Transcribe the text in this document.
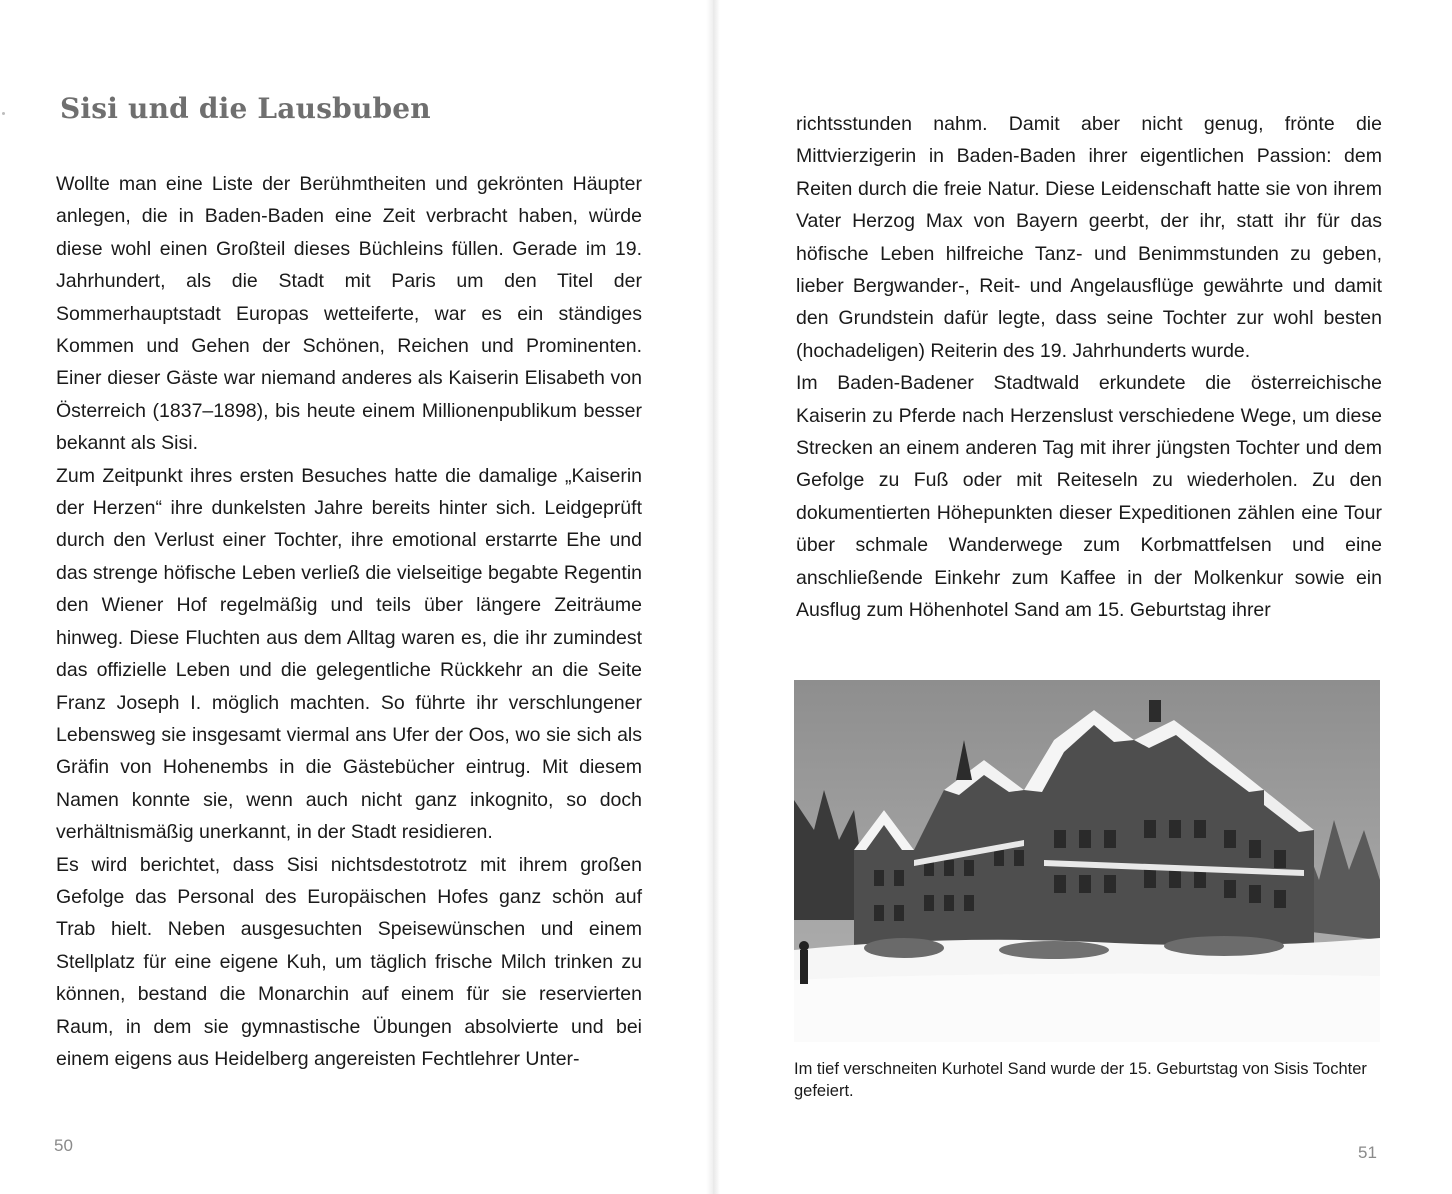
Sisi und die Lausbuben

Wollte man eine Liste der Berühmtheiten und gekrönten Häupter anlegen, die in Baden-Baden eine Zeit verbracht haben, würde diese wohl einen Großteil dieses Büchleins füllen. Gerade im 19. Jahrhundert, als die Stadt mit Paris um den Titel der Sommerhauptstadt Europas wetteiferte, war es ein ständiges Kommen und Gehen der Schönen, Reichen und Prominenten. Einer dieser Gäste war niemand anderes als Kaiserin Elisabeth von Österreich (1837–1898), bis heute einem Millionenpublikum besser bekannt als Sisi.

Zum Zeitpunkt ihres ersten Besuches hatte die damalige „Kaiserin der Herzen“ ihre dunkelsten Jahre bereits hinter sich. Leidgeprüft durch den Verlust einer Tochter, ihre emotional erstarrte Ehe und das strenge höfische Leben verließ die vielseitige begabte Regentin den Wiener Hof regelmäßig und teils über längere Zeiträume hinweg. Diese Fluchten aus dem Alltag waren es, die ihr zumindest das offizielle Leben und die gelegentliche Rückkehr an die Seite Franz Joseph I. möglich machten. So führte ihr verschlungener Lebensweg sie insgesamt viermal ans Ufer der Oos, wo sie sich als Gräfin von Hohenembs in die Gästebücher eintrug. Mit diesem Namen konnte sie, wenn auch nicht ganz inkognito, so doch verhältnismäßig unerkannt, in der Stadt residieren.

Es wird berichtet, dass Sisi nichtsdestotrotz mit ihrem großen Gefolge das Personal des Europäischen Hofes ganz schön auf Trab hielt. Neben ausgesuchten Speisewünschen und einem Stellplatz für eine eigene Kuh, um täglich frische Milch trinken zu können, bestand die Monarchin auf einem für sie reservierten Raum, in dem sie gymnastische Übungen absolvierte und bei einem eigens aus Heidelberg angereisten Fechtlehrer Unter-

50

richtsstunden nahm. Damit aber nicht genug, frönte die Mittvierzigerin in Baden-Baden ihrer eigentlichen Passion: dem Reiten durch die freie Natur. Diese Leidenschaft hatte sie von ihrem Vater Herzog Max von Bayern geerbt, der ihr, statt ihr für das höfische Leben hilfreiche Tanz- und Benimmstunden zu geben, lieber Bergwander-, Reit- und Angelausflüge gewährte und damit den Grundstein dafür legte, dass seine Tochter zur wohl besten (hochadeligen) Reiterin des 19. Jahrhunderts wurde.

Im Baden-Badener Stadtwald erkundete die österreichische Kaiserin zu Pferde nach Herzenslust verschiedene Wege, um diese Strecken an einem anderen Tag mit ihrer jüngsten Tochter und dem Gefolge zu Fuß oder mit Reiteseln zu wiederholen. Zu den dokumentierten Höhepunkten dieser Expeditionen zählen eine Tour über schmale Wanderwege zum Korbmattfelsen und eine anschließende Einkehr zum Kaffee in der Molkenkur sowie ein Ausflug zum Höhenhotel Sand am 15. Geburtstag ihrer

Im tief verschneiten Kurhotel Sand wurde der 15. Geburtstag von Sisis Tochter gefeiert.

51
